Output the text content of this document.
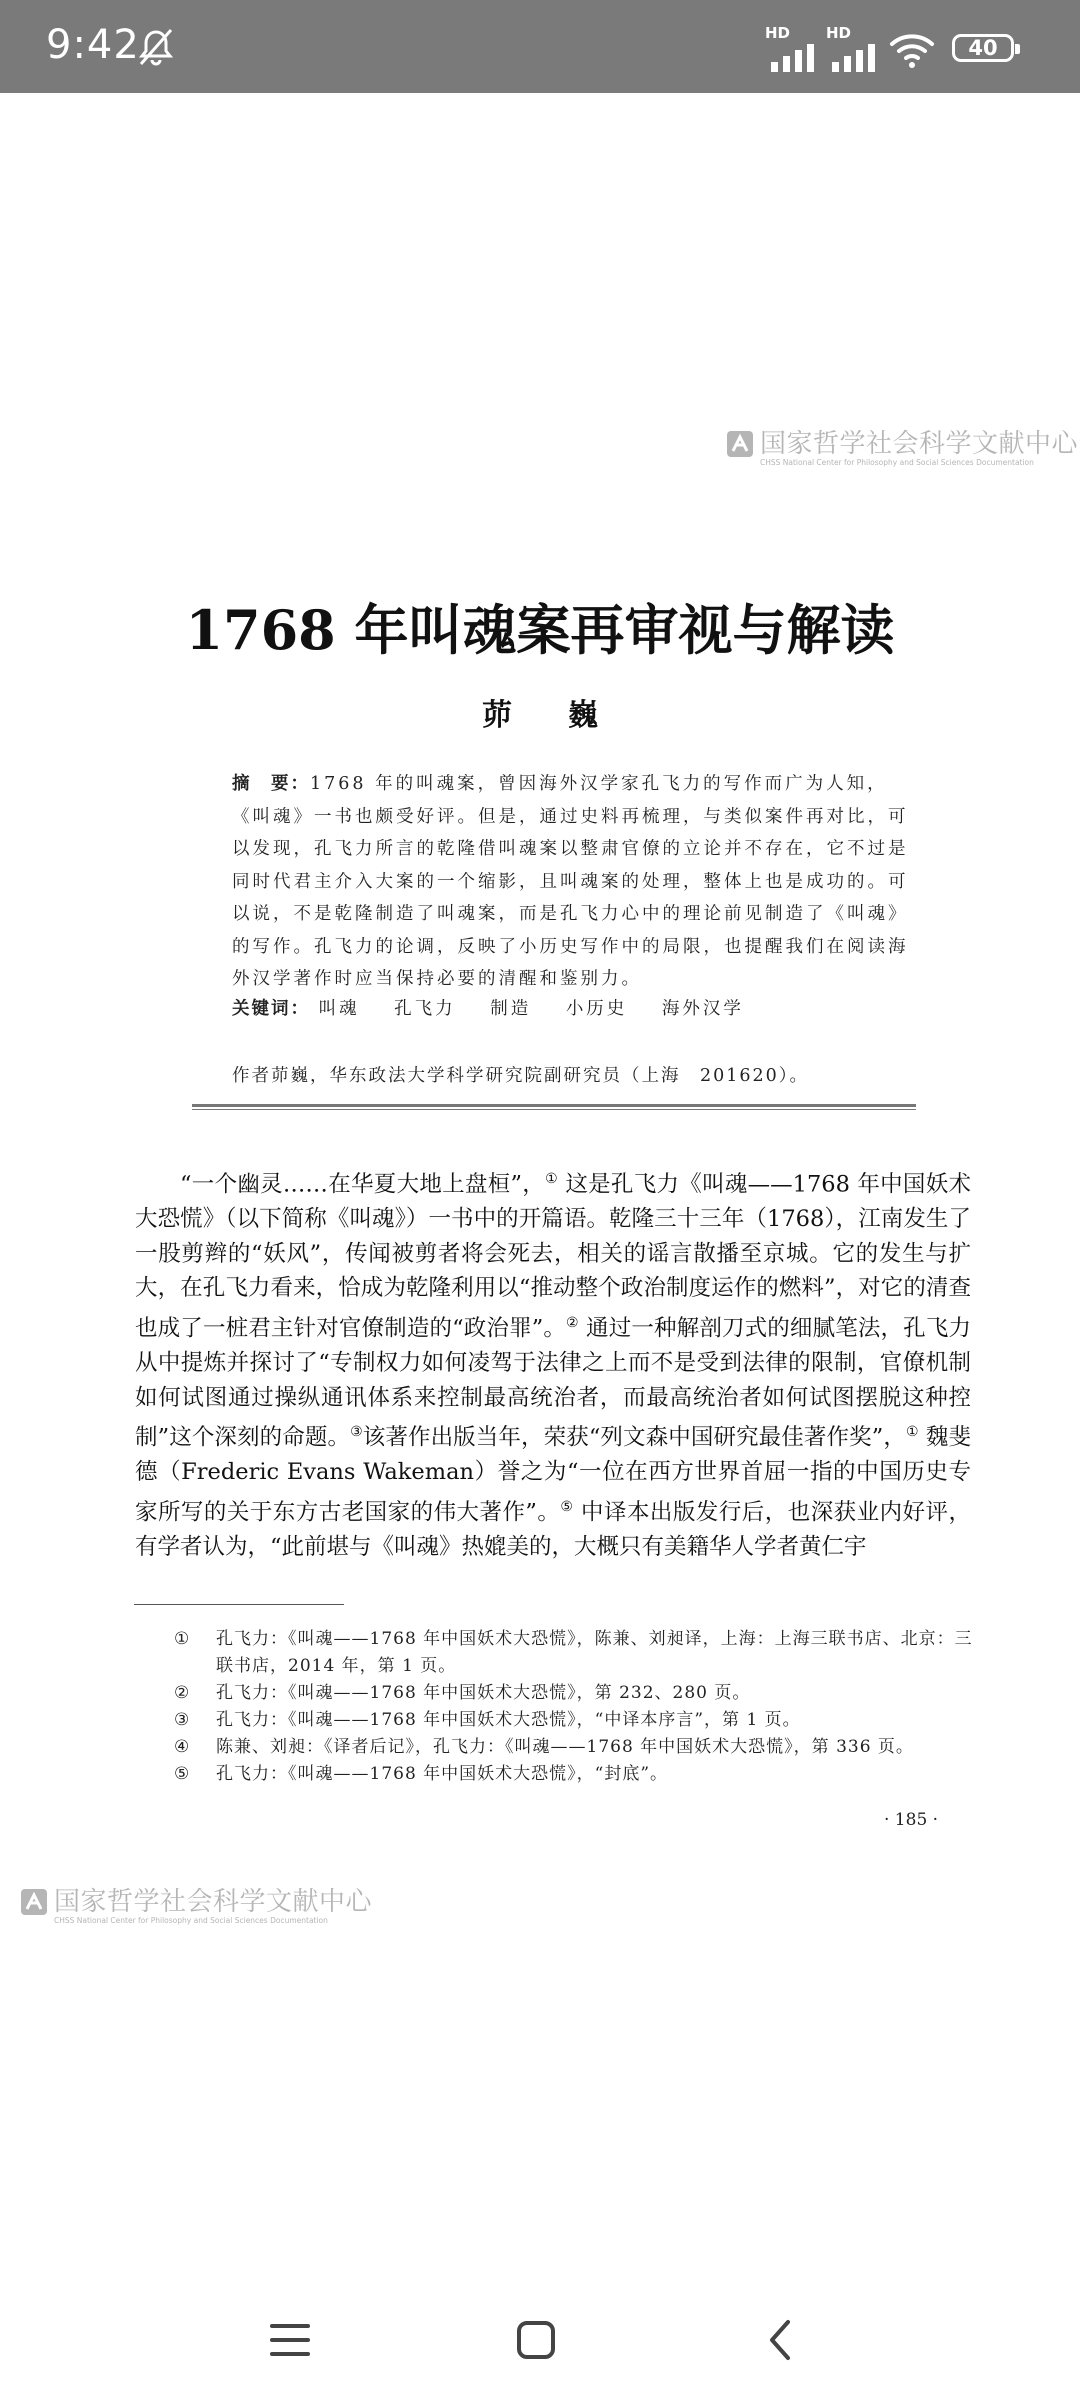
9:42	HD HD
40
国家哲学社会科学文献中心
CHSS National Center for Philosophy and Social Sciences Documentation
1768 年叫魂案再审视与解读
茆巍
摘　要：1768 年的叫魂案，曾因海外汉学家孔飞力的写作而广为人知，《叫魂》一书也颇受好评。但是，通过史料再梳理，与类似案件再对比，可以发现，孔飞力所言的乾隆借叫魂案以整肃官僚的立论并不存在，它不过是同时代君主介入大案的一个缩影，且叫魂案的处理，整体上也是成功的。可以说，不是乾隆制造了叫魂案，而是孔飞力心中的理论前见制造了《叫魂》的写作。孔飞力的论调，反映了小历史写作中的局限，也提醒我们在阅读海外汉学著作时应当保持必要的清醒和鉴别力。
关键词： 叫魂 孔飞力 制造 小历史 海外汉学
作者茆巍，华东政法大学科学研究院副研究员（上海　201620）。
“一个幽灵……在华夏大地上盘桓”，① 这是孔飞力《叫魂——1768 年中国妖术大恐慌》（以下简称《叫魂》）一书中的开篇语。乾隆三十三年（1768），江南发生了一股剪辫的“妖风”，传闻被剪者将会死去，相关的谣言散播至京城。它的发生与扩大，在孔飞力看来，恰成为乾隆利用以“推动整个政治制度运作的燃料”，对它的清查也成了一桩君主针对官僚制造的“政治罪”。② 通过一种解剖刀式的细腻笔法，孔飞力从中提炼并探讨了“专制权力如何凌驾于法律之上而不是受到法律的限制，官僚机制如何试图通过操纵通讯体系来控制最高统治者，而最高统治者如何试图摆脱这种控制”这个深刻的命题。③该著作出版当年，荣获“列文森中国研究最佳著作奖”，① 魏斐德（Frederic Evans Wakeman）誉之为“一位在西方世界首屈一指的中国历史专家所写的关于东方古老国家的伟大著作”。⑤ 中译本出版发行后，也深获业内好评，有学者认为，“此前堪与《叫魂》热媲美的，大概只有美籍华人学者黄仁宇
①	孔飞力：《叫魂——1768 年中国妖术大恐慌》，陈兼、刘昶译，上海：上海三联书店、北京：三联书店，2014 年，第 1 页。
②	孔飞力：《叫魂——1768 年中国妖术大恐慌》，第 232、280 页。
③	孔飞力：《叫魂——1768 年中国妖术大恐慌》，“中译本序言”，第 1 页。
④	陈兼、刘昶：《译者后记》，孔飞力：《叫魂——1768 年中国妖术大恐慌》，第 336 页。
⑤	孔飞力：《叫魂——1768 年中国妖术大恐慌》，“封底”。
· 185 ·
国家哲学社会科学文献中心
CHSS National Center for Philosophy and Social Sciences Documentation
